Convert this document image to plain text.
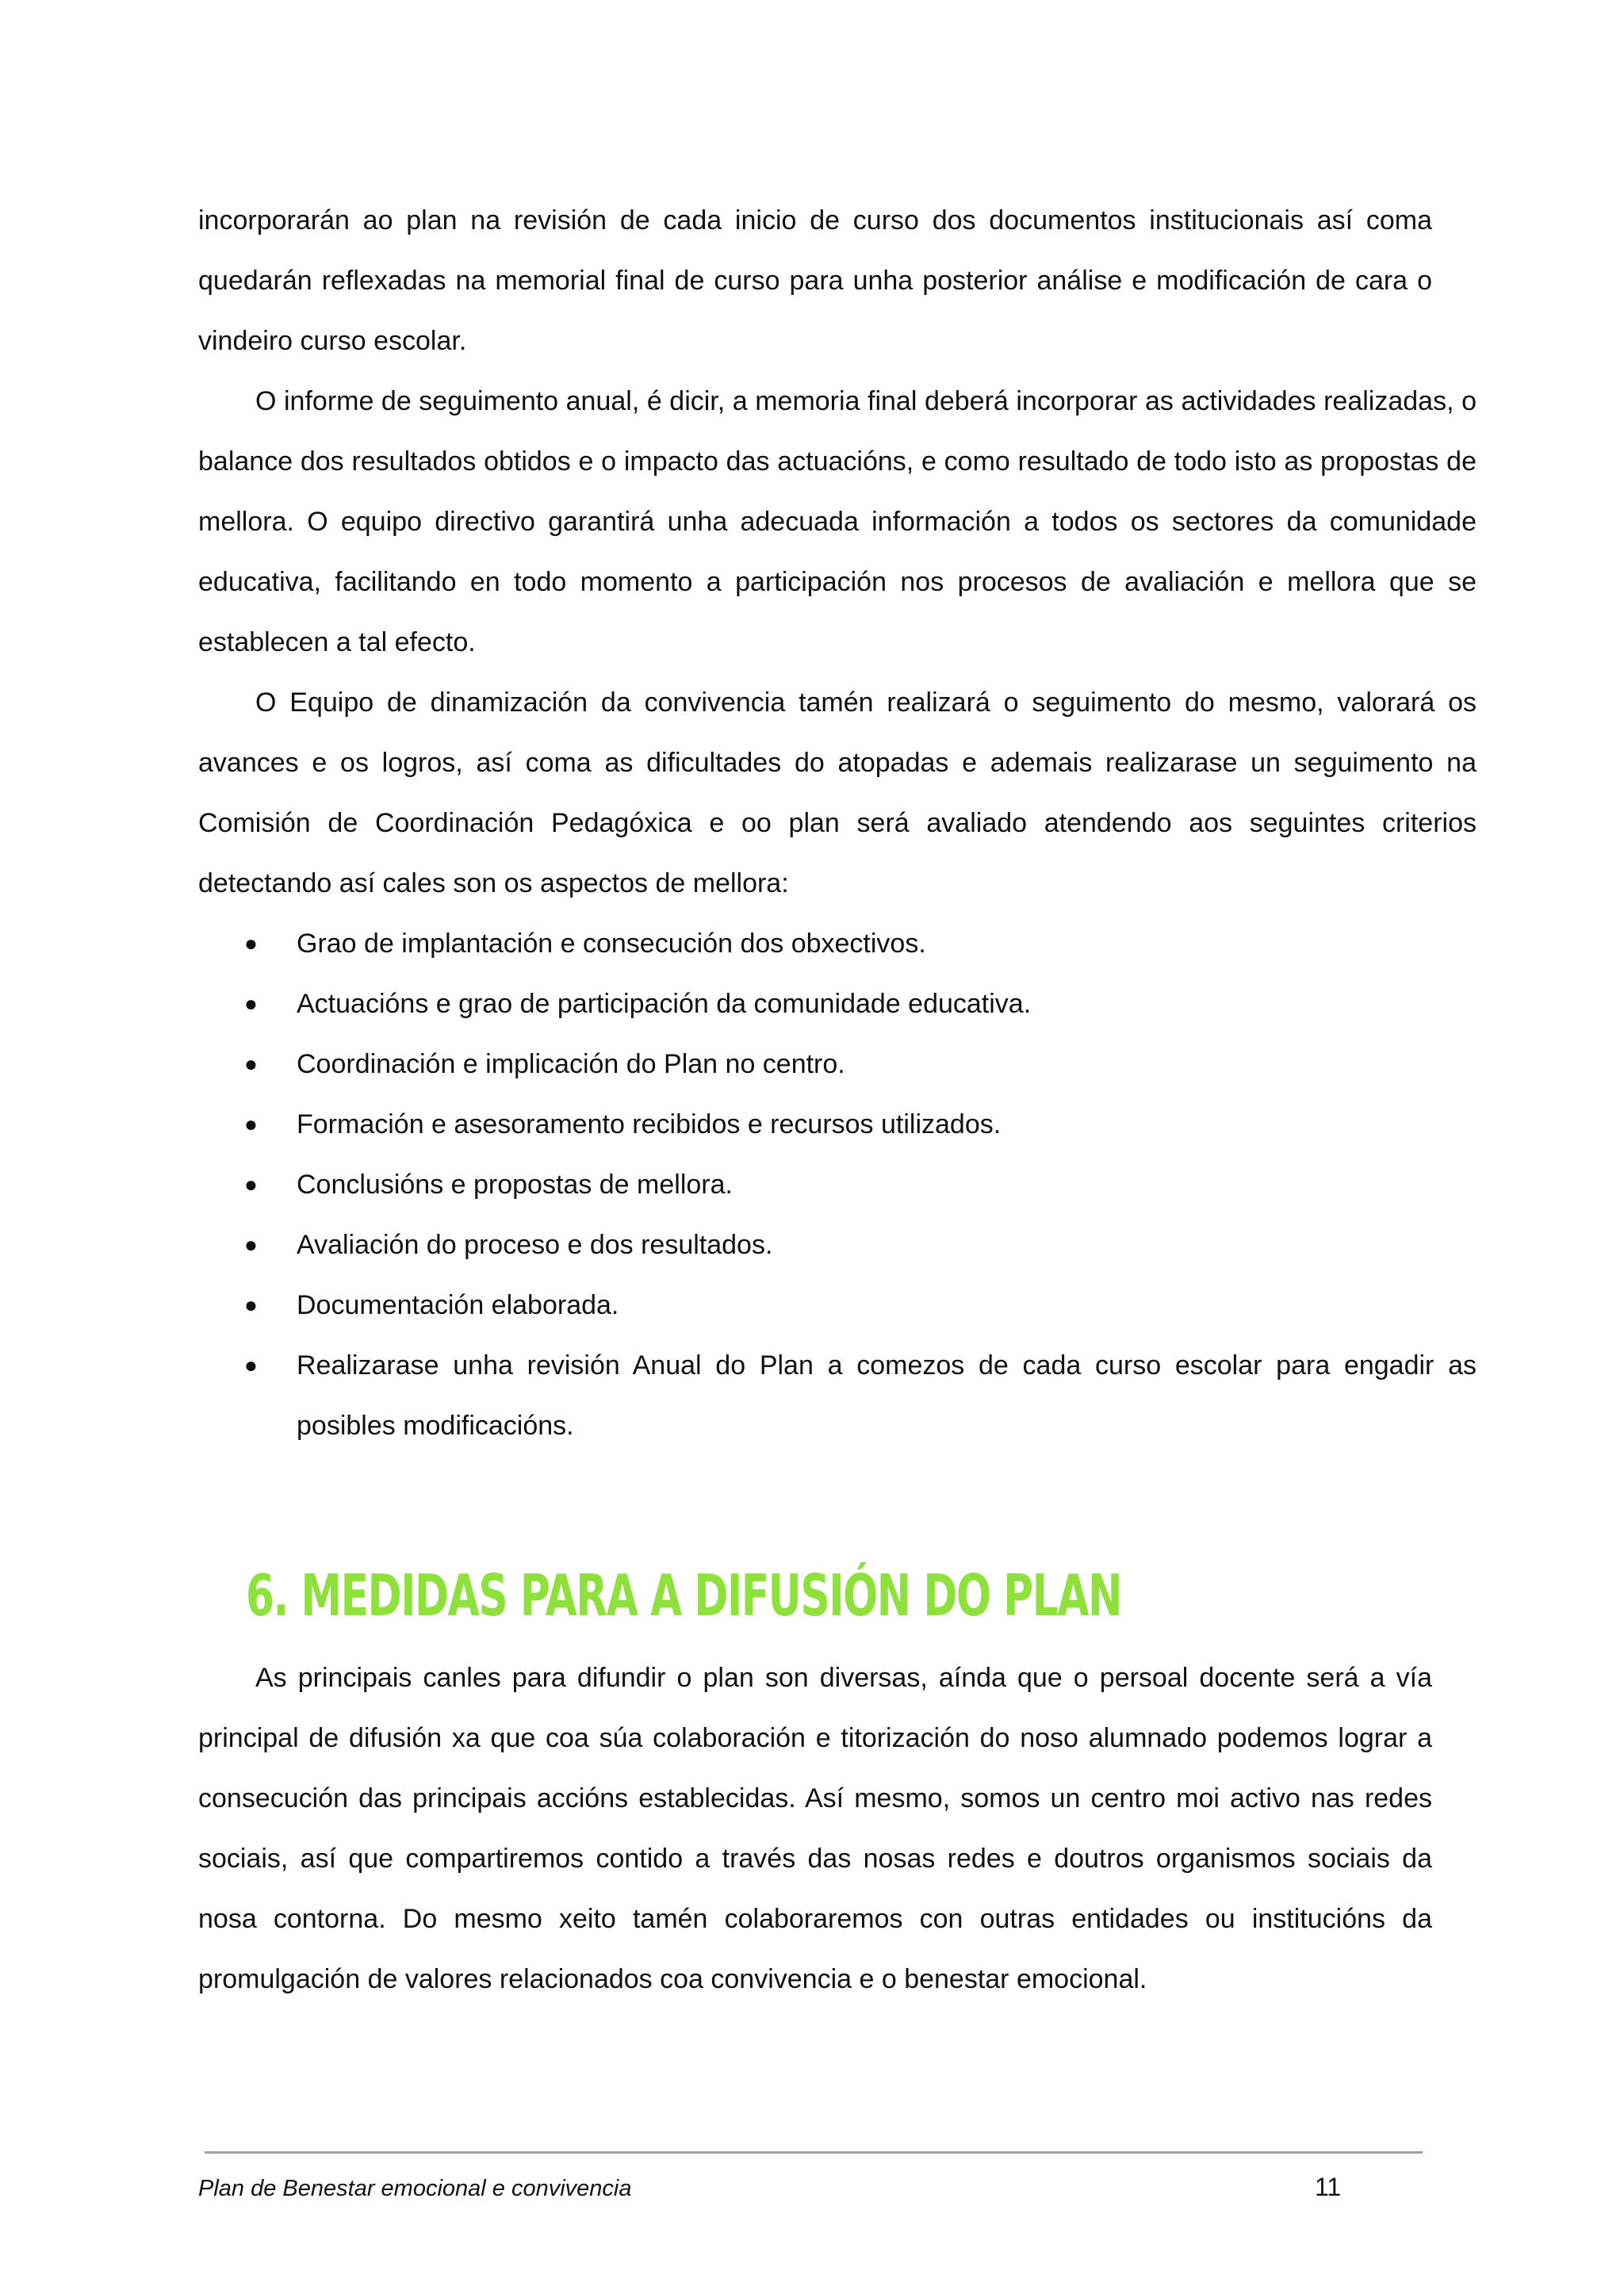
incorporarán ao plan na revisión de cada inicio de curso dos documentos institucionais así coma quedarán reflexadas na memorial final de curso para unha posterior análise e modificación de cara o vindeiro curso escolar.

O informe de seguimento anual, é dicir, a memoria final deberá incorporar as actividades realizadas, o balance dos resultados obtidos e o impacto das actuacións, e como resultado de todo isto as propostas de mellora. O equipo directivo garantirá unha adecuada información a todos os sectores da comunidade educativa, facilitando en todo momento a participación nos procesos de avaliación e mellora que se establecen a tal efecto.

O Equipo de dinamización da convivencia tamén realizará o seguimento do mesmo, valorará os avances e os logros, así coma as dificultades do atopadas e ademais realizarase un seguimento na Comisión de Coordinación Pedagóxica e oo plan será avaliado atendendo aos seguintes criterios detectando así cales son os aspectos de mellora:

● Grao de implantación e consecución dos obxectivos.
● Actuacións e grao de participación da comunidade educativa.
● Coordinación e implicación do Plan no centro.
● Formación e asesoramento recibidos e recursos utilizados.
● Conclusións e propostas de mellora.
● Avaliación do proceso e dos resultados.
● Documentación elaborada.
● Realizarase unha revisión Anual do Plan a comezos de cada curso escolar para engadir as posibles modificacións.
6. MEDIDAS PARA A DIFUSIÓN DO PLAN

As principais canles para difundir o plan son diversas, aínda que o persoal docente será a vía principal de difusión xa que coa súa colaboración e titorización do noso alumnado podemos lograr a consecución das principais accións establecidas. Así mesmo, somos un centro moi activo nas redes sociais, así que compartiremos contido a través das nosas redes e doutros organismos sociais da nosa contorna. Do mesmo xeito tamén colaboraremos con outras entidades ou institucións da promulgación de valores relacionados coa convivencia e o benestar emocional.

Plan de Benestar emocional e convivencia	11
